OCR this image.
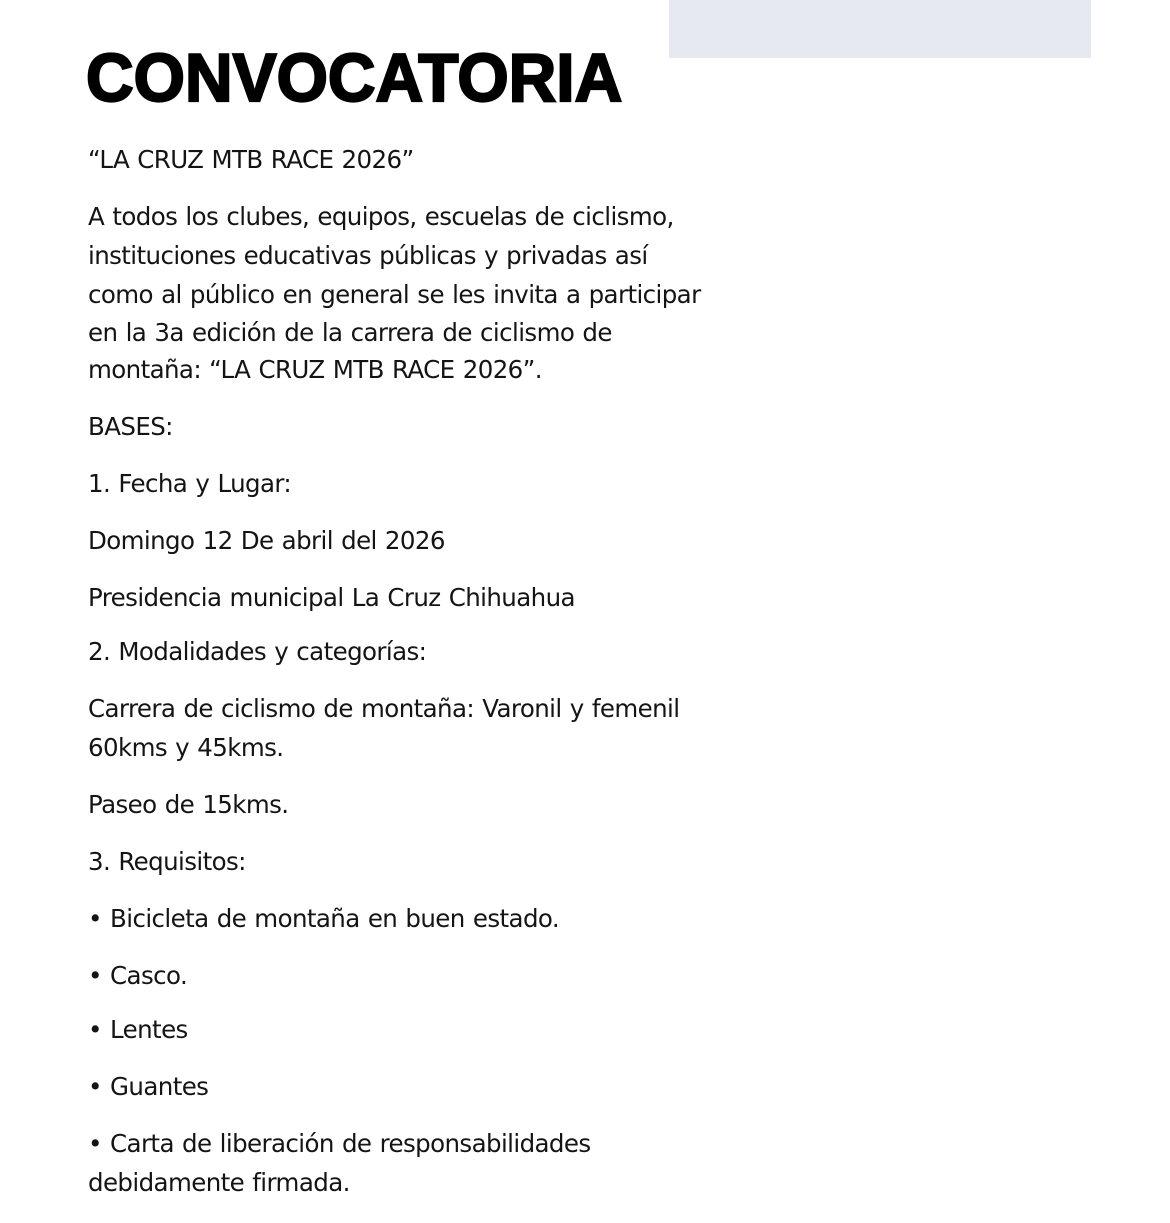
CONVOCATORIA

“LA CRUZ MTB RACE 2026”

A todos los clubes, equipos, escuelas de ciclismo,

instituciones educativas públicas y privadas así

como al público en general se les invita a participar

en la 3a edición de la carrera de ciclismo de

montaña: “LA CRUZ MTB RACE 2026”.

BASES:

1. Fecha y Lugar:

Domingo 12 De abril del 2026

Presidencia municipal La Cruz Chihuahua

2. Modalidades y categorías:

Carrera de ciclismo de montaña: Varonil y femenil

60kms y 45kms.

Paseo de 15kms.

3. Requisitos:

• Bicicleta de montaña en buen estado.

• Casco.

• Lentes

• Guantes

• Carta de liberación de responsabilidades

debidamente firmada.
